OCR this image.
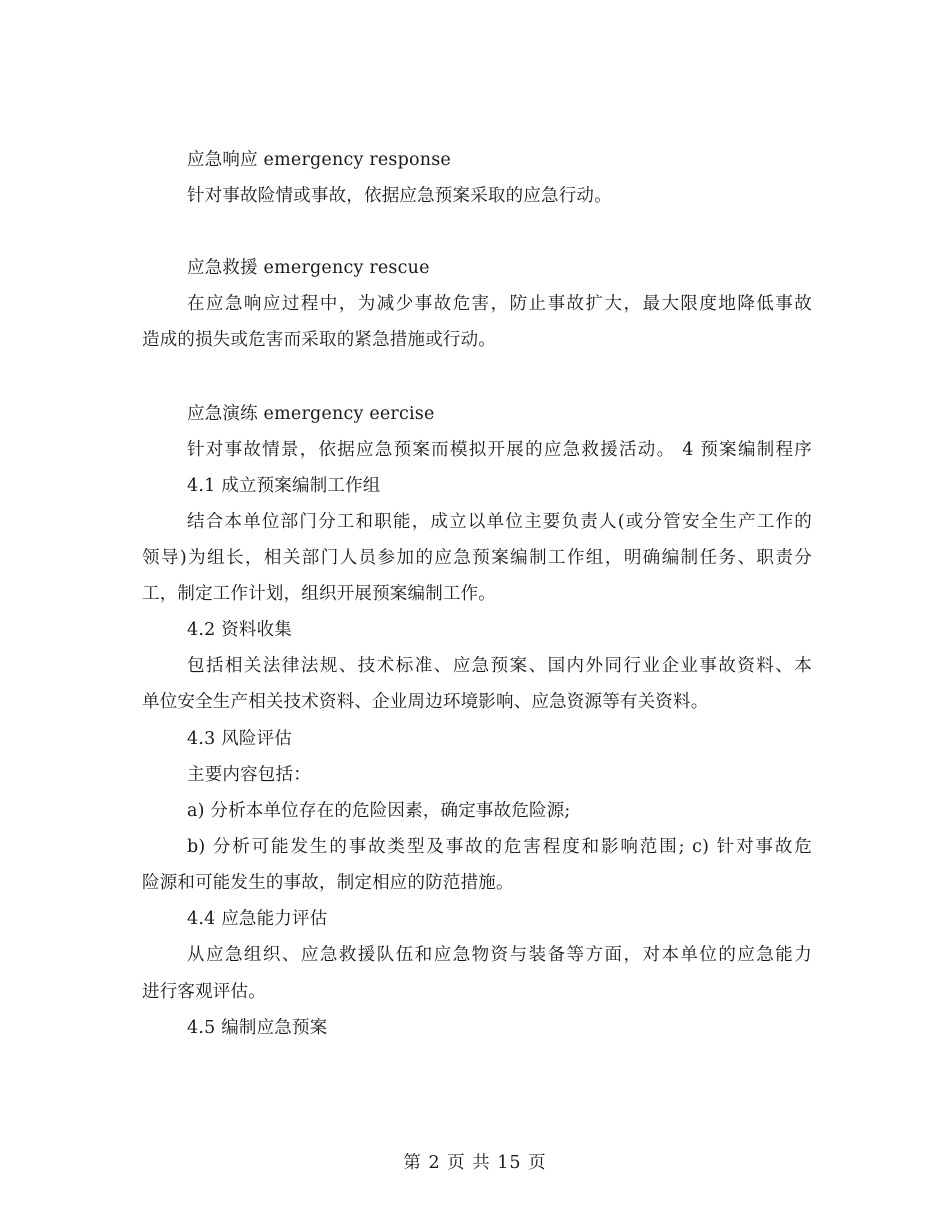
应急响应 emergency response
针对事故险情或事故，依据应急预案采取的应急行动。
应急救援 emergency rescue
在应急响应过程中，为减少事故危害，防止事故扩大，最大限度地降低事故
造成的损失或危害而采取的紧急措施或行动。
应急演练 emergency eercise
针对事故情景，依据应急预案而模拟开展的应急救援活动。 4 预案编制程序
4.1 成立预案编制工作组
结合本单位部门分工和职能，成立以单位主要负责人(或分管安全生产工作的
领导)为组长，相关部门人员参加的应急预案编制工作组，明确编制任务、职责分
工，制定工作计划，组织开展预案编制工作。
4.2 资料收集
包括相关法律法规、技术标准、应急预案、国内外同行业企业事故资料、本
单位安全生产相关技术资料、企业周边环境影响、应急资源等有关资料。
4.3 风险评估
主要内容包括：
a) 分析本单位存在的危险因素，确定事故危险源;
b) 分析可能发生的事故类型及事故的危害程度和影响范围; c) 针对事故危
险源和可能发生的事故，制定相应的防范措施。
4.4 应急能力评估
从应急组织、应急救援队伍和应急物资与装备等方面，对本单位的应急能力
进行客观评估。
4.5 编制应急预案
第 2 页 共 15 页
